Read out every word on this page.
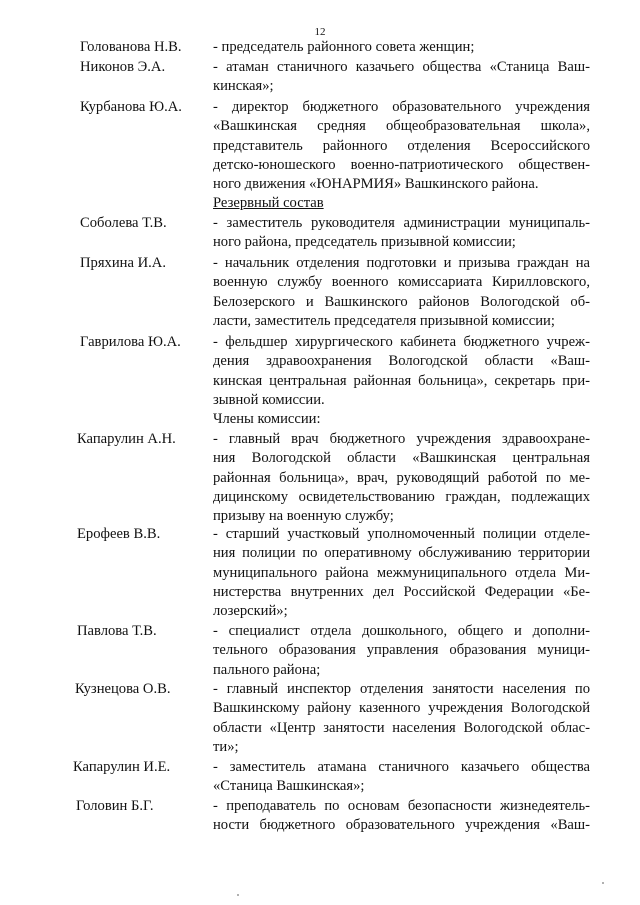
12
Голованова Н.В. - председатель районного совета женщин;
Никонов Э.А.	- атаман станичного казачьего общества «Станица Ваш-
кинская»;
Курбанова Ю.А. - директор бюджетного образовательного учреждения
«Вашкинская средняя общеобразовательная школа»,
представитель районного отделения Всероссийского
детско-юношеского военно-патриотического обществен-
ного движения «ЮНАРМИЯ» Вашкинского района.
Резервный состав
Соболева Т.В.	- заместитель руководителя администрации муниципаль-
ного района, председатель призывной комиссии;
Пряхина И.А.	- начальник отделения подготовки и призыва граждан на
военную службу военного комиссариата Кирилловского,
Белозерского и Вашкинского районов Вологодской об-
ласти, заместитель председателя призывной комиссии;
Гаврилова Ю.А. - фельдшер хирургического кабинета бюджетного учреж-
дения здравоохранения Вологодской области «Ваш-
кинская центральная районная больница», секретарь при-
зывной комиссии.
Члены комиссии:
Капарулин А.Н.	- главный врач бюджетного учреждения здравоохране-
ния Вологодской области «Вашкинская центральная
районная больница», врач, руководящий работой по ме-
дицинскому освидетельствованию граждан, подлежащих
призыву на военную службу;
Ерофеев В.В.	- старший участковый уполномоченный полиции отделе-
ния полиции по оперативному обслуживанию территории
муниципального района межмуниципального отдела Ми-
нистерства внутренних дел Российской Федерации «Бе-
лозерский»;
Павлова Т.В.	- специалист отдела дошкольного, общего и дополни-
тельного образования управления образования муници-
пального района;
Кузнецова О.В.	- главный инспектор отделения занятости населения по
Вашкинскому району казенного учреждения Вологодской
области «Центр занятости населения Вологодской облас-
ти»;
Капарулин И.Е.	- заместитель атамана станичного казачьего общества
«Станица Вашкинская»;
Головин Б.Г.	- преподаватель по основам безопасности жизнедеятель-
ности бюджетного образовательного учреждения «Ваш-
